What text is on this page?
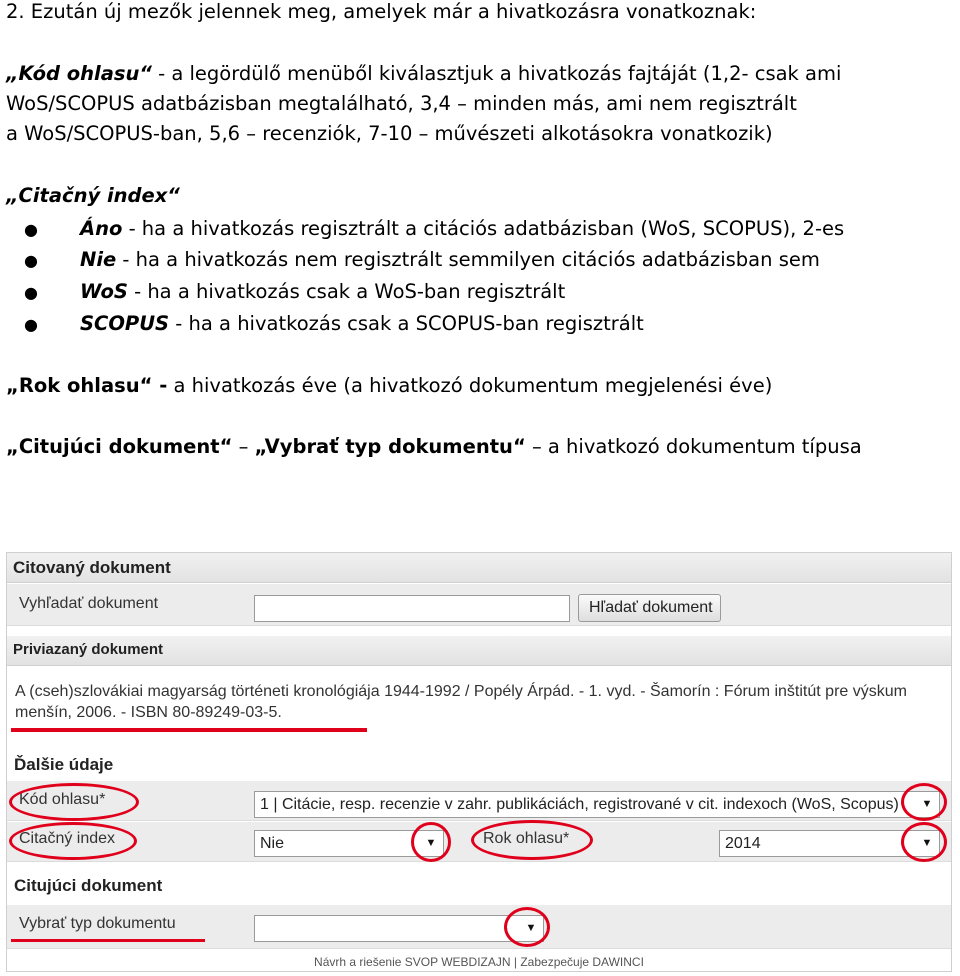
2. Ezután új mezők jelennek meg, amelyek már a hivatkozásra vonatkoznak:
„Kód ohlasu“ - a legördülő menüből kiválasztjuk a hivatkozás fajtáját (1,2- csak ami
WoS/SCOPUS adatbázisban megtalálható, 3,4 – minden más, ami nem regisztrált
a WoS/SCOPUS-ban, 5,6 – recenziók, 7-10 – művészeti alkotásokra vonatkozik)
„Citačný index“
● Áno - ha a hivatkozás regisztrált a citációs adatbázisban (WoS, SCOPUS), 2-es
● Nie - ha a hivatkozás nem regisztrált semmilyen citációs adatbázisban sem
● WoS - ha a hivatkozás csak a WoS-ban regisztrált
● SCOPUS - ha a hivatkozás csak a SCOPUS-ban regisztrált
„Rok ohlasu“ - a hivatkozás éve (a hivatkozó dokumentum megjelenési éve)
„Citujúci dokument“ – „Vybrať typ dokumentu“ – a hivatkozó dokumentum típusa
Citovaný dokument
Vyhľadať dokument	Hľadať dokument
Priviazaný dokument
A (cseh)szlovákiai magyarság történeti kronológiája 1944-1992 / Popély Árpád. - 1. vyd. - Šamorín : Fórum inštitút pre výskum menšín, 2006. - ISBN 80-89249-03-5.
Ďalšie údaje
Kód ohlasu*	1 | Citácie, resp. recenzie v zahr. publikáciách, registrované v cit. indexoch (WoS, Scopus)	▼
Citačný index	Nie	▼	Rok ohlasu*	2014	▼
Citujúci dokument
Vybrať typ dokumentu	▼
Návrh a riešenie SVOP WEBDIZAJN | Zabezpečuje DAWINCI
